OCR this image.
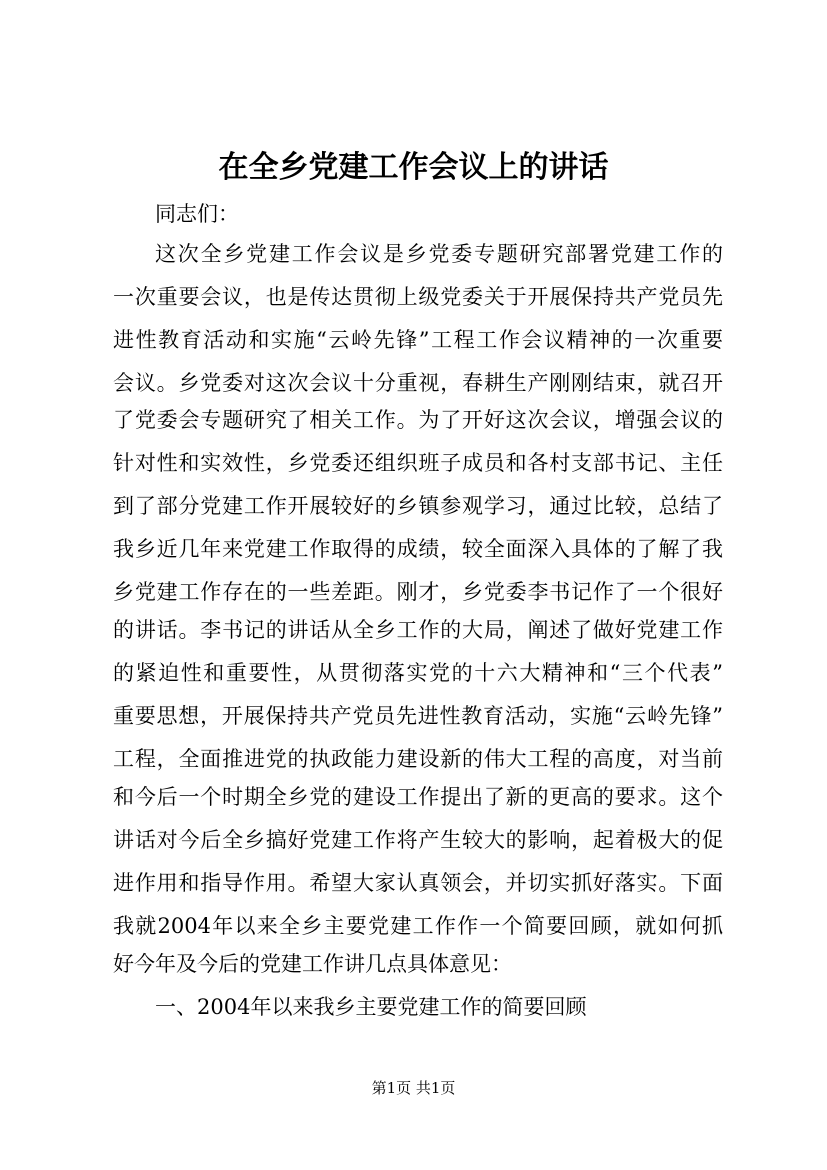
在全乡党建工作会议上的讲话
同志们：
这次全乡党建工作会议是乡党委专题研究部署党建工作的
一次重要会议，也是传达贯彻上级党委关于开展保持共产党员先
进性教育活动和实施“云岭先锋”工程工作会议精神的一次重要
会议。乡党委对这次会议十分重视，春耕生产刚刚结束，就召开
了党委会专题研究了相关工作。为了开好这次会议，增强会议的
针对性和实效性，乡党委还组织班子成员和各村支部书记、主任
到了部分党建工作开展较好的乡镇参观学习，通过比较，总结了
我乡近几年来党建工作取得的成绩，较全面深入具体的了解了我
乡党建工作存在的一些差距。刚才，乡党委李书记作了一个很好
的讲话。李书记的讲话从全乡工作的大局，阐述了做好党建工作
的紧迫性和重要性，从贯彻落实党的十六大精神和“三个代表”
重要思想，开展保持共产党员先进性教育活动，实施“云岭先锋”
工程，全面推进党的执政能力建设新的伟大工程的高度，对当前
和今后一个时期全乡党的建设工作提出了新的更高的要求。这个
讲话对今后全乡搞好党建工作将产生较大的影响，起着极大的促
进作用和指导作用。希望大家认真领会，并切实抓好落实。下面
我就2004年以来全乡主要党建工作作一个简要回顾，就如何抓
好今年及今后的党建工作讲几点具体意见：
一、2004年以来我乡主要党建工作的简要回顾
第1页 共1页
